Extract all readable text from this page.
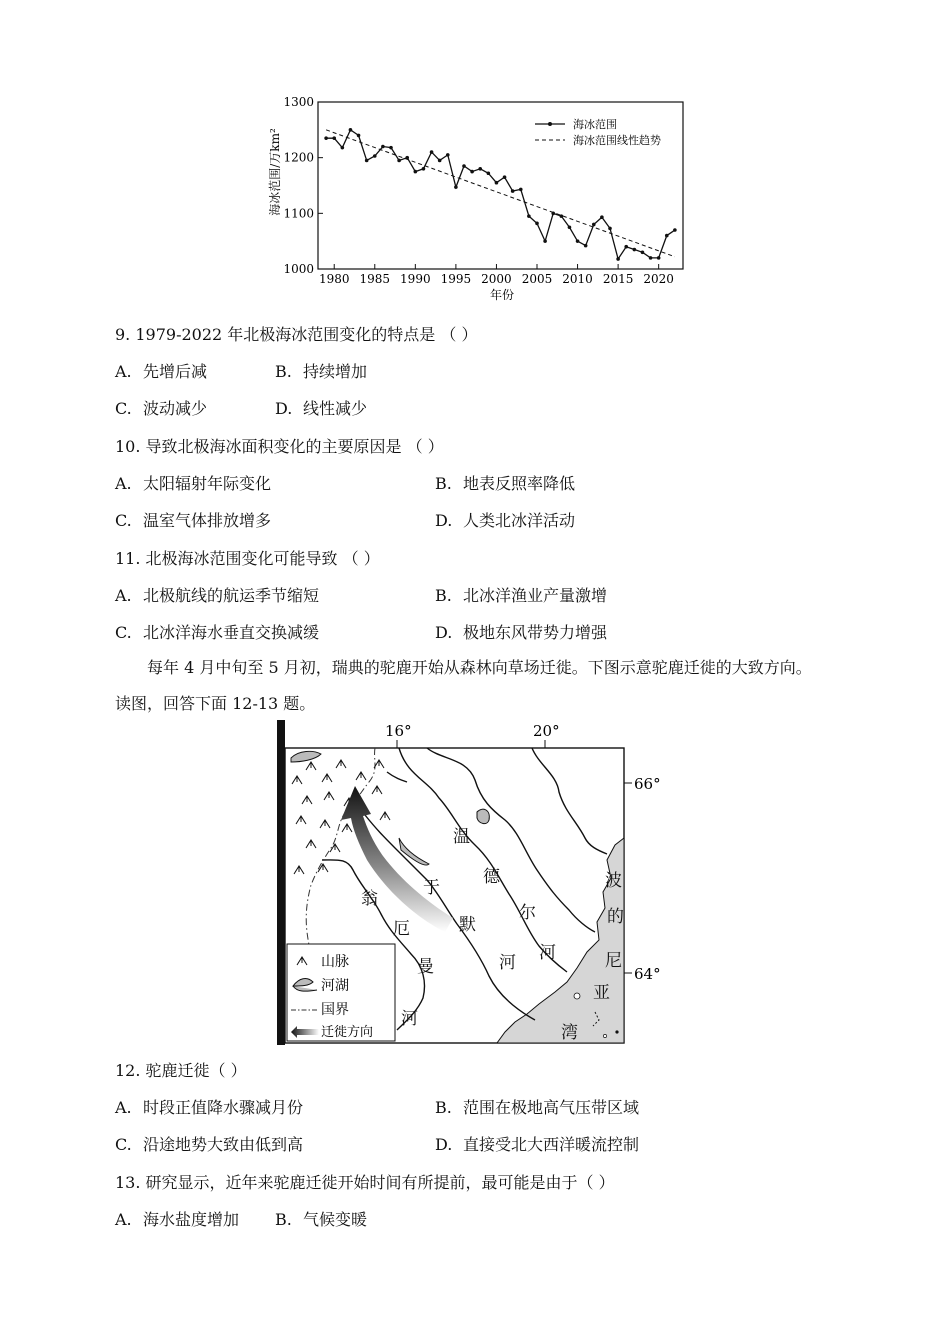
1000
1100
1200
1300
1980 1985 1990 1995 2000 2005 2010 2015 2020
海冰范围/万km²
年份
海冰范围
海冰范围线性趋势
9. 1979-2022 年北极海冰范围变化的特点是 （ ）
A. 先增后减	B. 持续增加
C. 波动减少	D. 线性减少
10. 导致北极海冰面积变化的主要原因是 （ ）
A. 太阳辐射年际变化	B. 地表反照率降低
C. 温室气体排放增多	D. 人类北冰洋活动
11. 北极海冰范围变化可能导致 （ ）
A. 北极航线的航运季节缩短	B. 北冰洋渔业产量激增
C. 北冰洋海水垂直交换减缓	D. 极地东风带势力增强
每年 4 月中旬至 5 月初，瑞典的驼鹿开始从森林向草场迁徙。下图示意驼鹿迁徙的大致方向。
读图，回答下面 12-13 题。
16°	20°
66°
64°
温
德
尔
河
于
默
河
翁
厄
曼
河
波
的
尼
亚
湾
山脉
河湖
国界
迁徙方向
12. 驼鹿迁徙（ ）
A. 时段正值降水骤减月份	B. 范围在极地高气压带区域
C. 沿途地势大致由低到高	D. 直接受北大西洋暖流控制
13. 研究显示，近年来驼鹿迁徙开始时间有所提前，最可能是由于（ ）
A. 海水盐度增加 B. 气候变暖
